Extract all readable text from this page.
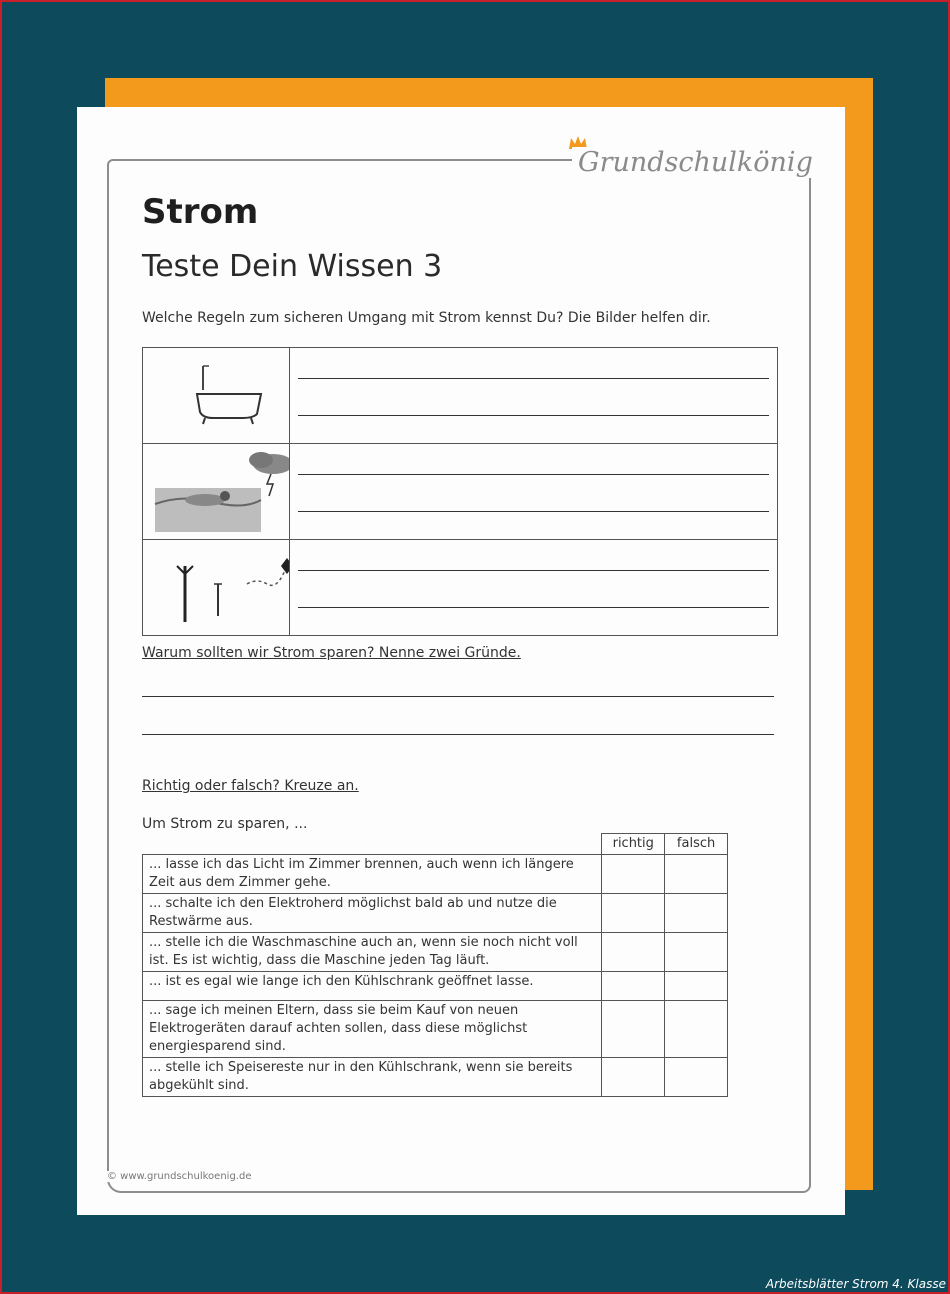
Grundschulkönig
Strom
Teste Dein Wissen 3
Welche Regeln zum sicheren Umgang mit Strom kennst Du? Die Bilder helfen dir.

Warum sollten wir Strom sparen? Nenne zwei Gründe.
Richtig oder falsch? Kreuze an.
Um Strom zu sparen, ...
	richtig	falsch
... lasse ich das Licht im Zimmer brennen, auch wenn ich längere Zeit aus dem Zimmer gehe.		
... schalte ich den Elektroherd möglichst bald ab und nutze die Restwärme aus.		
... stelle ich die Waschmaschine auch an, wenn sie noch nicht voll ist. Es ist wichtig, dass die Maschine jeden Tag läuft.		
... ist es egal wie lange ich den Kühlschrank geöffnet lasse.		
... sage ich meinen Eltern, dass sie beim Kauf von neuen Elektrogeräten darauf achten sollen, dass diese möglichst energiesparend sind.		
... stelle ich Speisereste nur in den Kühlschrank, wenn sie bereits abgekühlt sind.		
© www.grundschulkoenig.de
Arbeitsblätter Strom 4. Klasse
